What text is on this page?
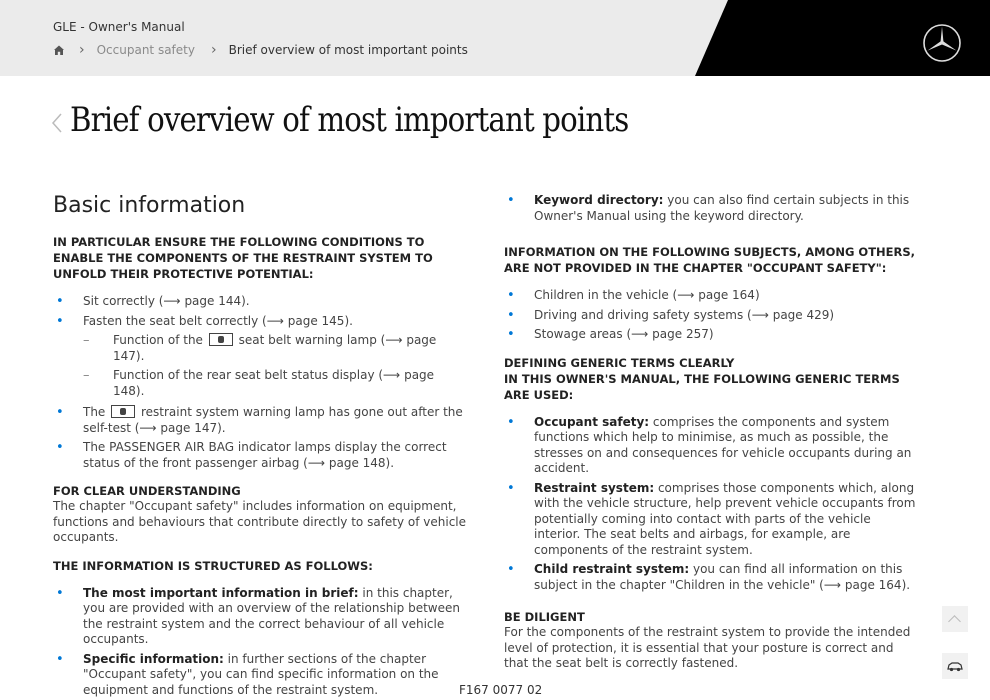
GLE - Owner's Manual
› Occupant safety › Brief overview of most important points
Brief overview of most important points
Basic information
IN PARTICULAR ENSURE THE FOLLOWING CONDITIONS TO ENABLE THE COMPONENTS OF THE RESTRAINT SYSTEM TO UNFOLD THEIR PROTECTIVE POTENTIAL:
• Sit correctly (⟶ page 144).
• Fasten the seat belt correctly (⟶ page 145).
– Function of the	seat belt warning lamp (⟶ page 147).
– Function of the rear seat belt status display (⟶ page 148).
• The	restraint system warning lamp has gone out after the self-test (⟶ page 147).
• The PASSENGER AIR BAG indicator lamps display the correct status of the front passenger airbag (⟶ page 148).
FOR CLEAR UNDERSTANDING
The chapter "Occupant safety" includes information on equipment, functions and behaviours that contribute directly to safety of vehicle occupants.
THE INFORMATION IS STRUCTURED AS FOLLOWS:
• The most important information in brief: in this chapter, you are provided with an overview of the relationship between the restraint system and the correct behaviour of all vehicle occupants.
• Specific information: in further sections of the chapter "Occupant safety", you can find specific information on the equipment and functions of the restraint system.
• Keyword directory: you can also find certain subjects in this Owner's Manual using the keyword directory.
INFORMATION ON THE FOLLOWING SUBJECTS, AMONG OTHERS, ARE NOT PROVIDED IN THE CHAPTER "OCCUPANT SAFETY":
• Children in the vehicle (⟶ page 164)
• Driving and driving safety systems (⟶ page 429)
• Stowage areas (⟶ page 257)
DEFINING GENERIC TERMS CLEARLY
IN THIS OWNER'S MANUAL, THE FOLLOWING GENERIC TERMS ARE USED:
• Occupant safety: comprises the components and system functions which help to minimise, as much as possible, the stresses on and consequences for vehicle occupants during an accident.
• Restraint system: comprises those components which, along with the vehicle structure, help prevent vehicle occupants from potentially coming into contact with parts of the vehicle interior. The seat belts and airbags, for example, are components of the restraint system.
• Child restraint system: you can find all information on this subject in the chapter "Children in the vehicle" (⟶ page 164).
BE DILIGENT
For the components of the restraint system to provide the intended level of protection, it is essential that your posture is correct and that the seat belt is correctly fastened.
F167 0077 02
